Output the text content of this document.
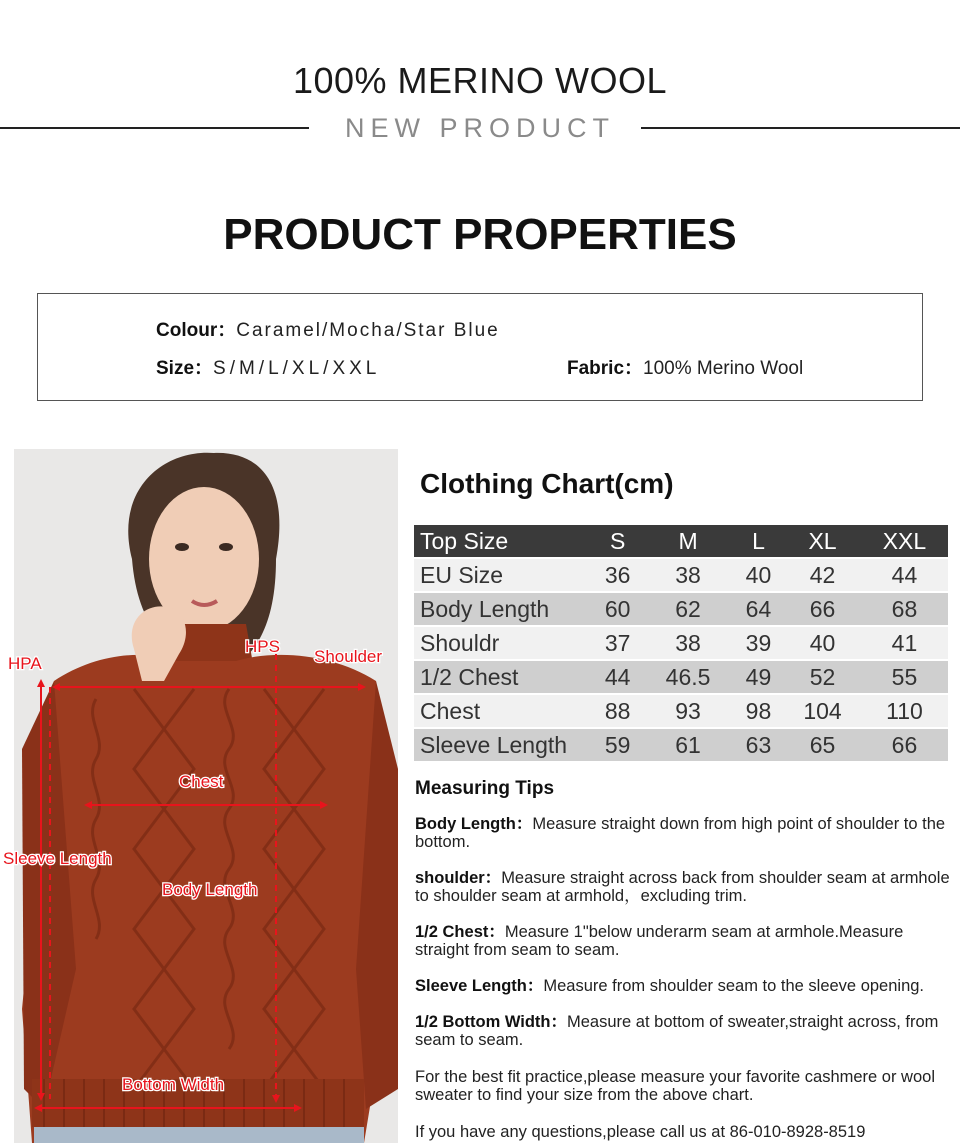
100% MERINO WOOL
NEW PRODUCT
PRODUCT PROPERTIES
Colour：Caramel/Mocha/Star Blue
Size：S/M/L/XL/XXL	Fabric：100% Merino Wool
HPA
HPS
Shoulder
Chest
Sleeve Length
Body Length
Bottom Width
Clothing Chart(cm)
Top Size	S	M	L	XL	XXL
EU Size	36	38	40	42	44
Body Length	60	62	64	66	68
Shouldr	37	38	39	40	41
1/2 Chest	44	46.5	49	52	55
Chest	88	93	98	104	110
Sleeve Length	59	61	63	65	66
Measuring Tips
Body Length：Measure straight down from high point of shoulder to the bottom.
shoulder：Measure straight across back from shoulder seam at armhole to shoulder seam at armhold，excluding trim.
1/2 Chest：Measure 1"below underarm seam at armhole.Measure straight from seam to seam.
Sleeve Length：Measure from shoulder seam to the sleeve opening.
1/2 Bottom Width：Measure at bottom of sweater,straight across, from seam to seam.
For the best fit practice,please measure your favorite cashmere or wool sweater to find your size from the above chart.
If you have any questions,please call us at 86-010-8928-8519
